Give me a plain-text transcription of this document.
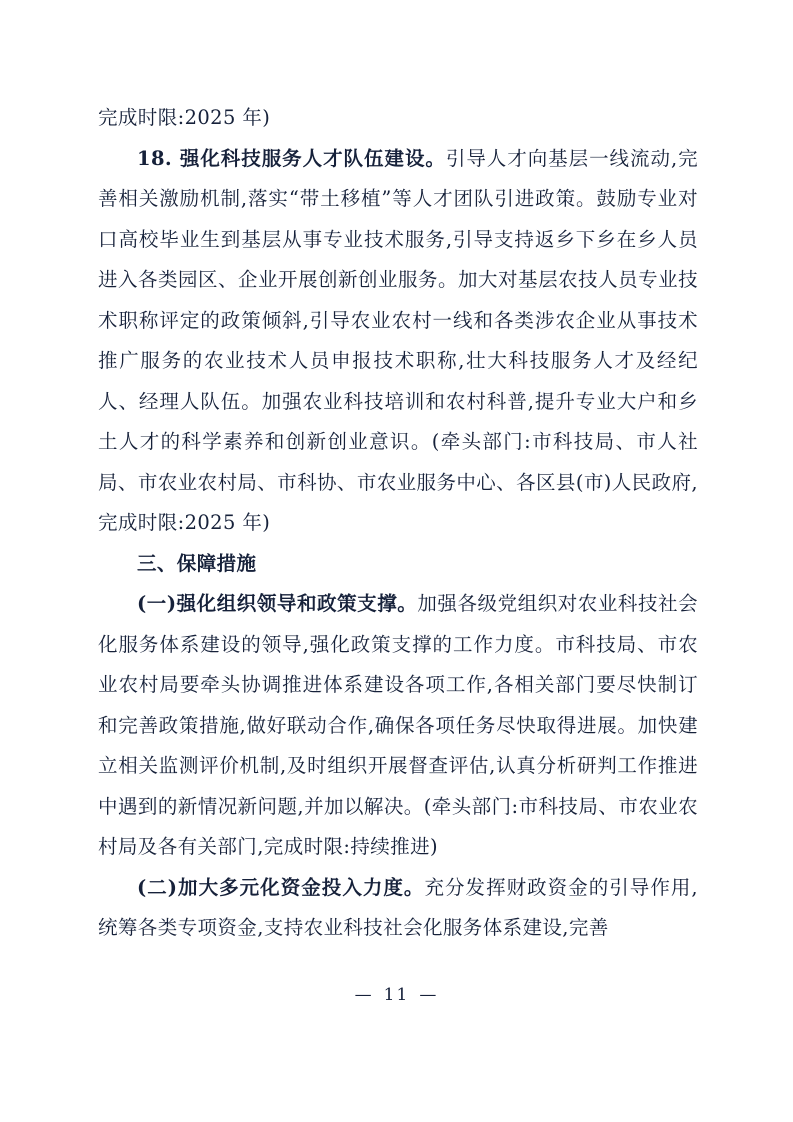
完成时限:2025 年)

18. 强化科技服务人才队伍建设。引导人才向基层一线流动,完善相关激励机制,落实“带土移植”等人才团队引进政策。鼓励专业对口高校毕业生到基层从事专业技术服务,引导支持返乡下乡在乡人员进入各类园区、企业开展创新创业服务。加大对基层农技人员专业技术职称评定的政策倾斜,引导农业农村一线和各类涉农企业从事技术推广服务的农业技术人员申报技术职称,壮大科技服务人才及经纪人、经理人队伍。加强农业科技培训和农村科普,提升专业大户和乡土人才的科学素养和创新创业意识。(牵头部门:市科技局、市人社局、市农业农村局、市科协、市农业服务中心、各区县(市)人民政府,完成时限:2025 年)

三、保障措施

(一)强化组织领导和政策支撑。加强各级党组织对农业科技社会化服务体系建设的领导,强化政策支撑的工作力度。市科技局、市农业农村局要牵头协调推进体系建设各项工作,各相关部门要尽快制订和完善政策措施,做好联动合作,确保各项任务尽快取得进展。加快建立相关监测评价机制,及时组织开展督查评估,认真分析研判工作推进中遇到的新情况新问题,并加以解决。(牵头部门:市科技局、市农业农村局及各有关部门,完成时限:持续推进)

(二)加大多元化资金投入力度。充分发挥财政资金的引导作用,统筹各类专项资金,支持农业科技社会化服务体系建设,完善

— 11 —
